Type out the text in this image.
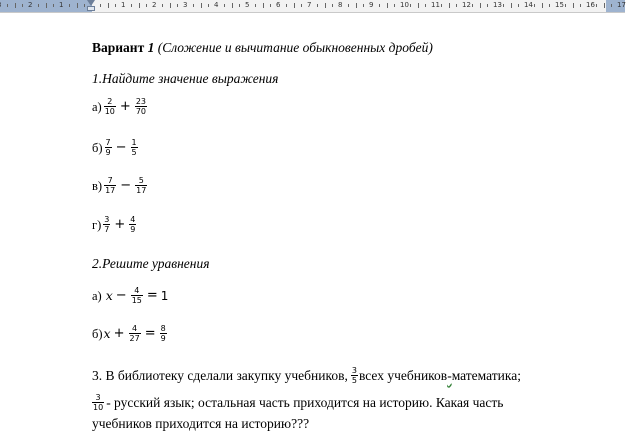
2	1	1	2	3	4	5	6	7	8	9	10	11	12	13	14	15	16	17
Вариант 1 (Сложение и вычитание обыкновенных дробей)
1.Найдите значение выражения
$а) \frac{2}{10} + \frac{23}{70}$
$б) \frac{7}{9} - \frac{1}{5}$
$в) \frac{7}{17} - \frac{5}{17}$
$г) \frac{3}{7} + \frac{4}{9}$
2.Решите уравнения
а) $x - \frac{4}{15} = 1$
б) $x + \frac{4}{27} = \frac{8}{9}$
3. В библиотеку сделали закупку учебников, $\frac{3}{5}$ всех учебников - математика;
$\frac{3}{10}$ - русский язык; остальная часть приходится на историю. Какая часть
учебников приходится на историю???
